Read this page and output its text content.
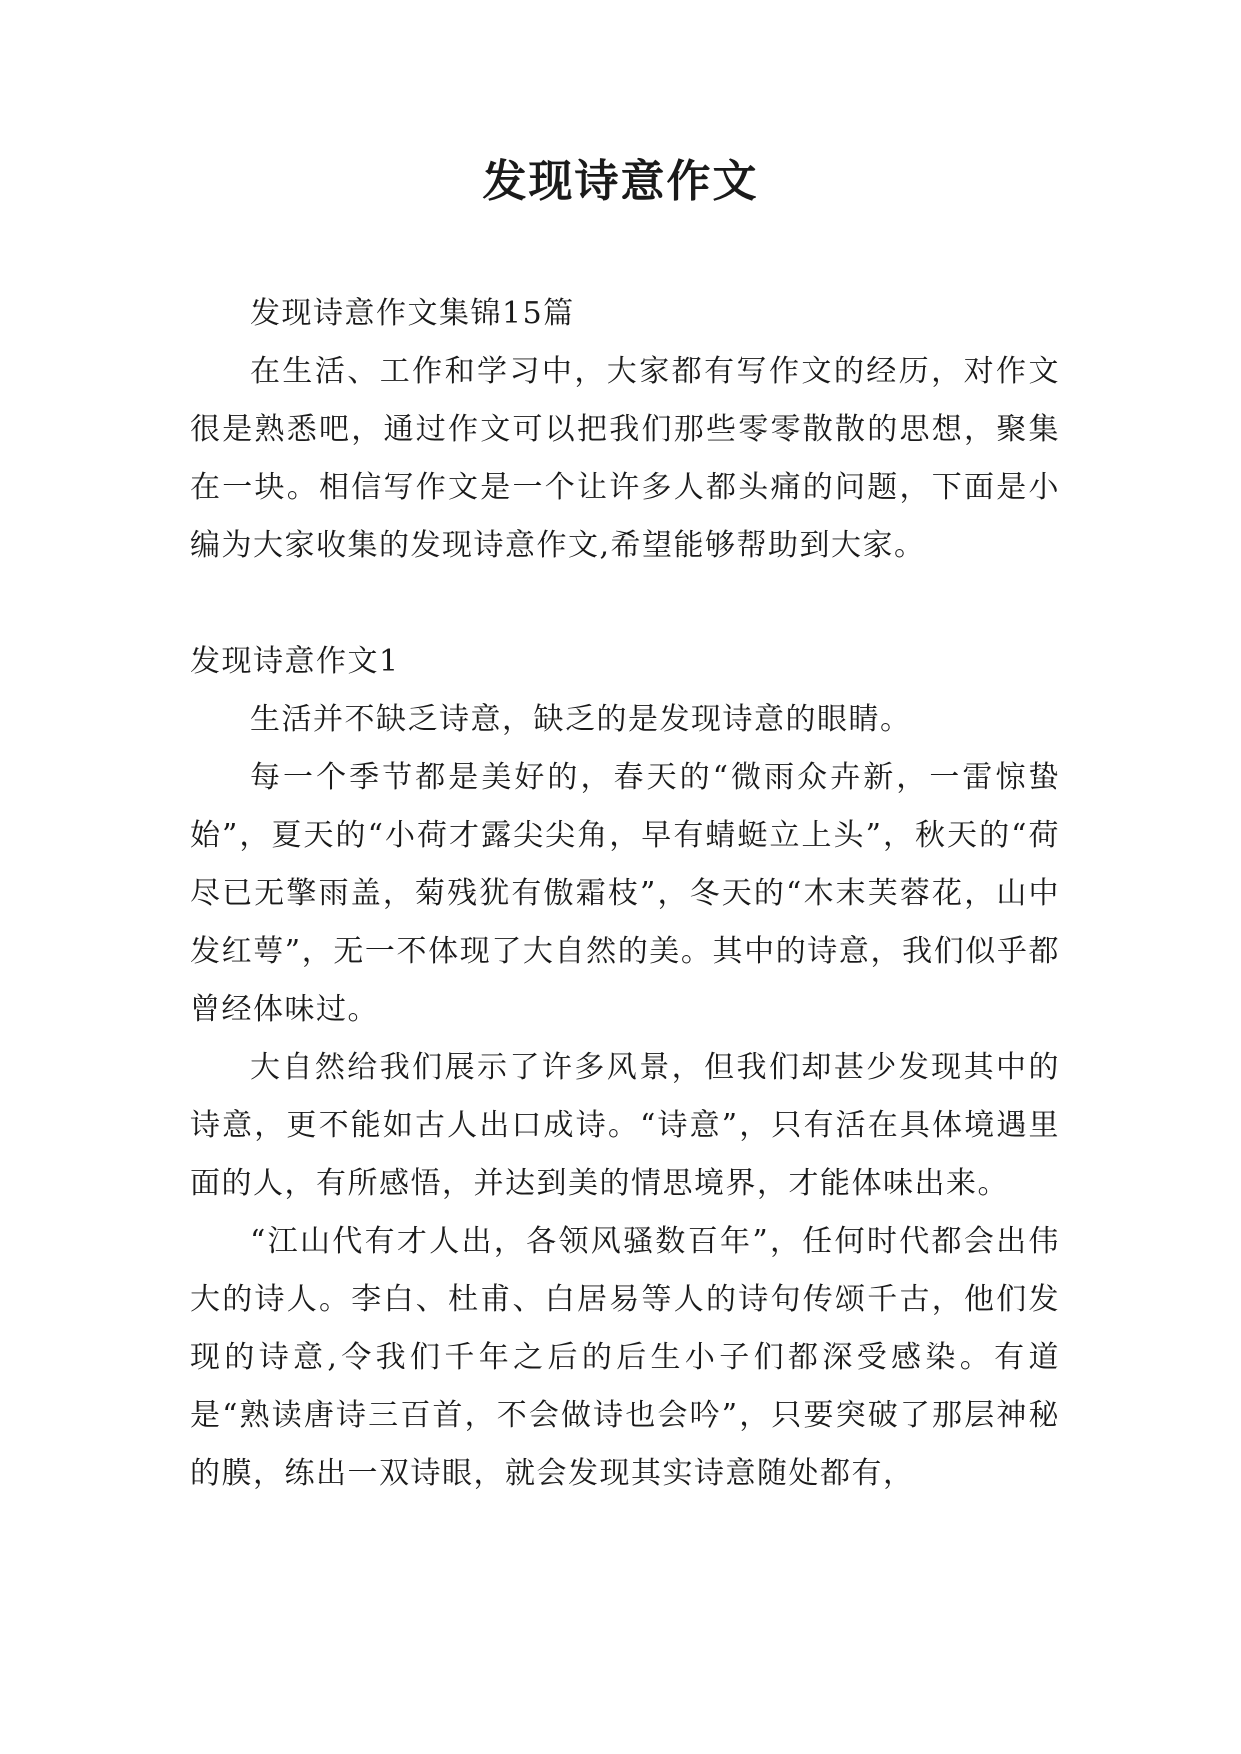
发现诗意作文

发现诗意作文集锦15篇

在生活、工作和学习中，大家都有写作文的经历，对作文很是熟悉吧，通过作文可以把我们那些零零散散的思想，聚集在一块。相信写作文是一个让许多人都头痛的问题，下面是小编为大家收集的发现诗意作文,希望能够帮助到大家。

发现诗意作文1

生活并不缺乏诗意，缺乏的是发现诗意的眼睛。

每一个季节都是美好的，春天的“微雨众卉新，一雷惊蛰始”，夏天的“小荷才露尖尖角，早有蜻蜓立上头”，秋天的“荷尽已无擎雨盖，菊残犹有傲霜枝”，冬天的“木末芙蓉花，山中发红萼”，无一不体现了大自然的美。其中的诗意，我们似乎都曾经体味过。

大自然给我们展示了许多风景，但我们却甚少发现其中的诗意，更不能如古人出口成诗。“诗意”，只有活在具体境遇里面的人，有所感悟，并达到美的情思境界，才能体味出来。

“江山代有才人出，各领风骚数百年”，任何时代都会出伟大的诗人。李白、杜甫、白居易等人的诗句传颂千古，他们发现的诗意,令我们千年之后的后生小子们都深受感染。有道是“熟读唐诗三百首，不会做诗也会吟”，只要突破了那层神秘的膜，练出一双诗眼，就会发现其实诗意随处都有，
